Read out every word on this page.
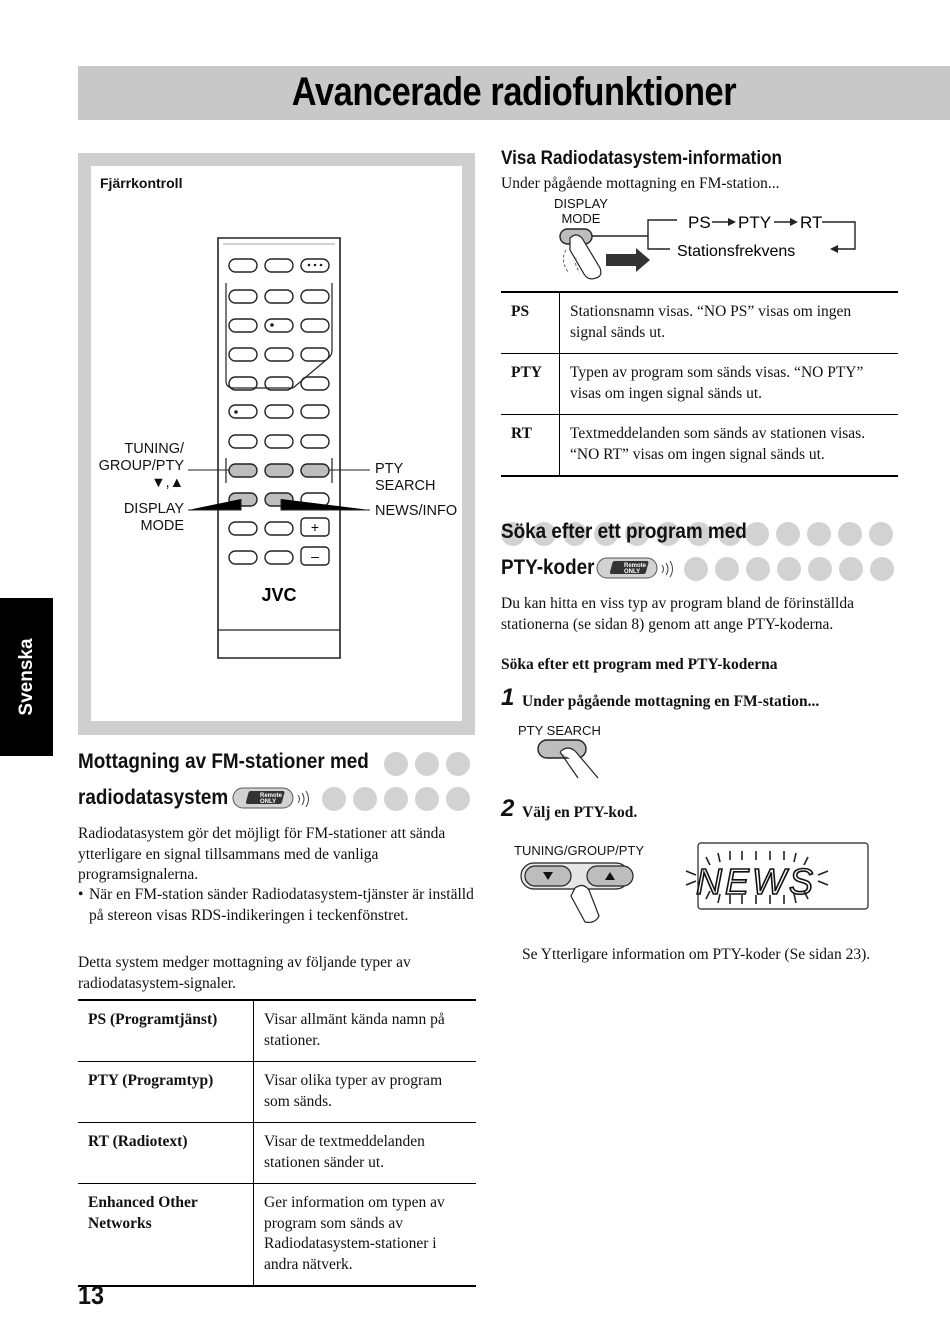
Avancerade radiofunktioner
Svenska
Fjärrkontroll
+
–
JVC
TUNING/
GROUP/PTY
▼,▲
DISPLAY
MODE
PTY
SEARCH
NEWS/INFO
Mottagning av FM-stationer med
radiodatasystem	Remote
ONLY
Radiodatasystem gör det möjligt för FM-stationer att sända ytterligare en signal tillsammans med de vanliga programsignalerna.
• När en FM-station sänder Radiodatasystem-tjänster är inställd på stereon visas RDS-indikeringen i teckenfönstret.
Detta system medger mottagning av följande typer av radiodatasystem-signaler.
PS (Programtjänst)	Visar allmänt kända namn på stationer.
PTY (Programtyp)	Visar olika typer av program som sänds.
RT (Radiotext)	Visar de textmeddelanden stationen sänder ut.
Enhanced Other Networks	Ger information om typen av program som sänds av Radiodatasystem-stationer i andra nätverk.
Visa Radiodatasystem-information
Under pågående mottagning en FM-station...
DISPLAY
MODE	PS PTY RT
Stationsfrekvens
PS	Stationsnamn visas. “NO PS” visas om ingen signal sänds ut.
PTY	Typen av program som sänds visas. “NO PTY” visas om ingen signal sänds ut.
RT	Textmeddelanden som sänds av stationen visas. “NO RT” visas om ingen signal sänds ut.
Söka efter ett program med
PTY-koder	Remote
ONLY
Du kan hitta en viss typ av program bland de förinställda stationerna (se sidan 8) genom att ange PTY-koderna.
Söka efter ett program med PTY-koderna
1 Under pågående mottagning en FM-station...
PTY SEARCH
2 Välj en PTY-kod.
TUNING/GROUP/PTY
NEWS
Se Ytterligare information om PTY-koder (Se sidan 23).
13
